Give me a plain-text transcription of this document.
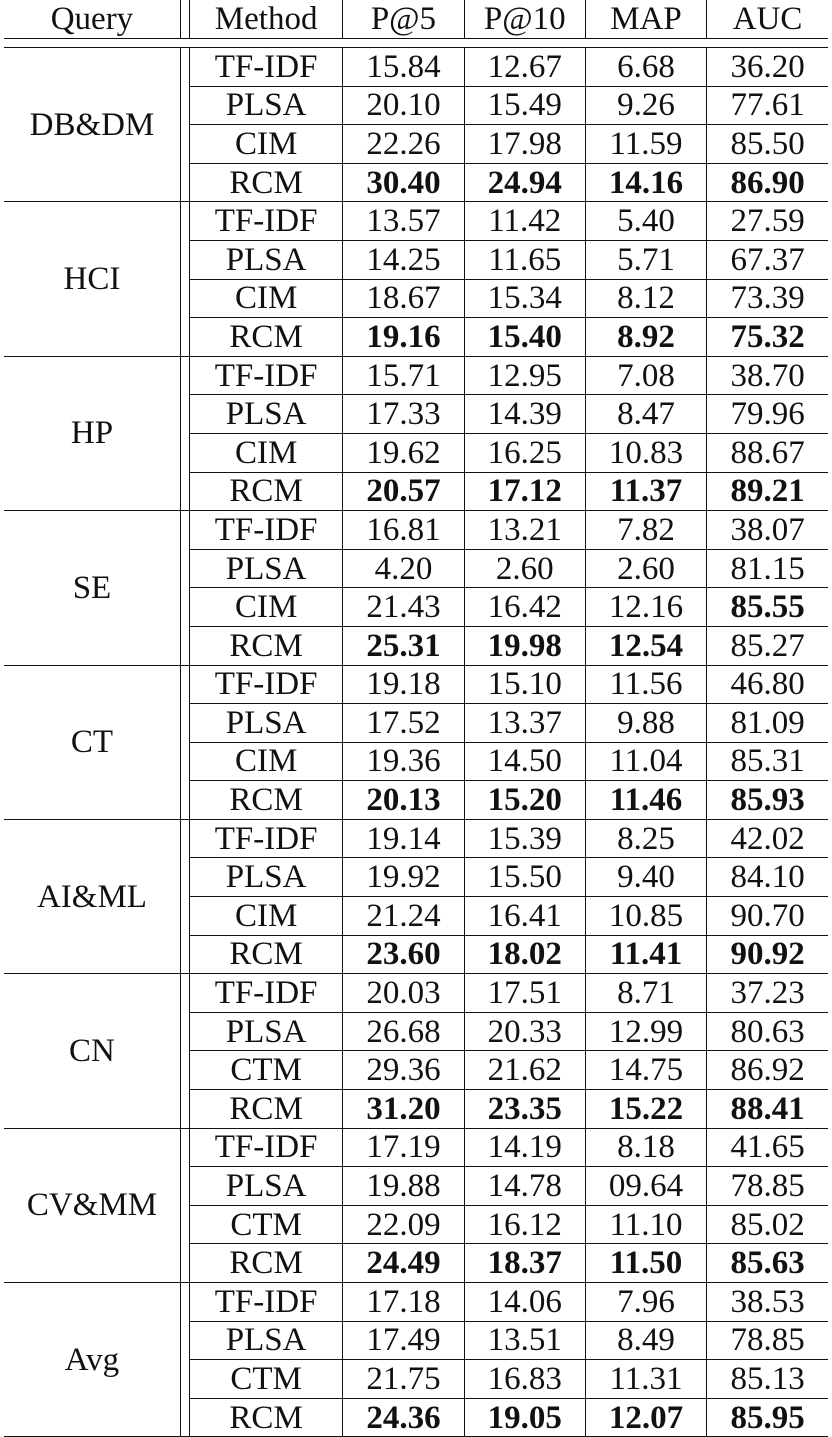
Query		Method	P@5	P@10	MAP	AUC

DB&DM		TF-IDF	15.84	12.67	6.68	36.20
		PLSA	20.10	15.49	9.26	77.61
		CIM	22.26	17.98	11.59	85.50
		RCM	30.40	24.94	14.16	86.90
HCI		TF-IDF	13.57	11.42	5.40	27.59
		PLSA	14.25	11.65	5.71	67.37
		CIM	18.67	15.34	8.12	73.39
		RCM	19.16	15.40	8.92	75.32
HP		TF-IDF	15.71	12.95	7.08	38.70
		PLSA	17.33	14.39	8.47	79.96
		CIM	19.62	16.25	10.83	88.67
		RCM	20.57	17.12	11.37	89.21
SE		TF-IDF	16.81	13.21	7.82	38.07
		PLSA	4.20	2.60	2.60	81.15
		CIM	21.43	16.42	12.16	85.55
		RCM	25.31	19.98	12.54	85.27
CT		TF-IDF	19.18	15.10	11.56	46.80
		PLSA	17.52	13.37	9.88	81.09
		CIM	19.36	14.50	11.04	85.31
		RCM	20.13	15.20	11.46	85.93
AI&ML		TF-IDF	19.14	15.39	8.25	42.02
		PLSA	19.92	15.50	9.40	84.10
		CIM	21.24	16.41	10.85	90.70
		RCM	23.60	18.02	11.41	90.92
CN		TF-IDF	20.03	17.51	8.71	37.23
		PLSA	26.68	20.33	12.99	80.63
		CTM	29.36	21.62	14.75	86.92
		RCM	31.20	23.35	15.22	88.41
CV&MM		TF-IDF	17.19	14.19	8.18	41.65
		PLSA	19.88	14.78	09.64	78.85
		CTM	22.09	16.12	11.10	85.02
		RCM	24.49	18.37	11.50	85.63
Avg		TF-IDF	17.18	14.06	7.96	38.53
		PLSA	17.49	13.51	8.49	78.85
		CTM	21.75	16.83	11.31	85.13
		RCM	24.36	19.05	12.07	85.95
